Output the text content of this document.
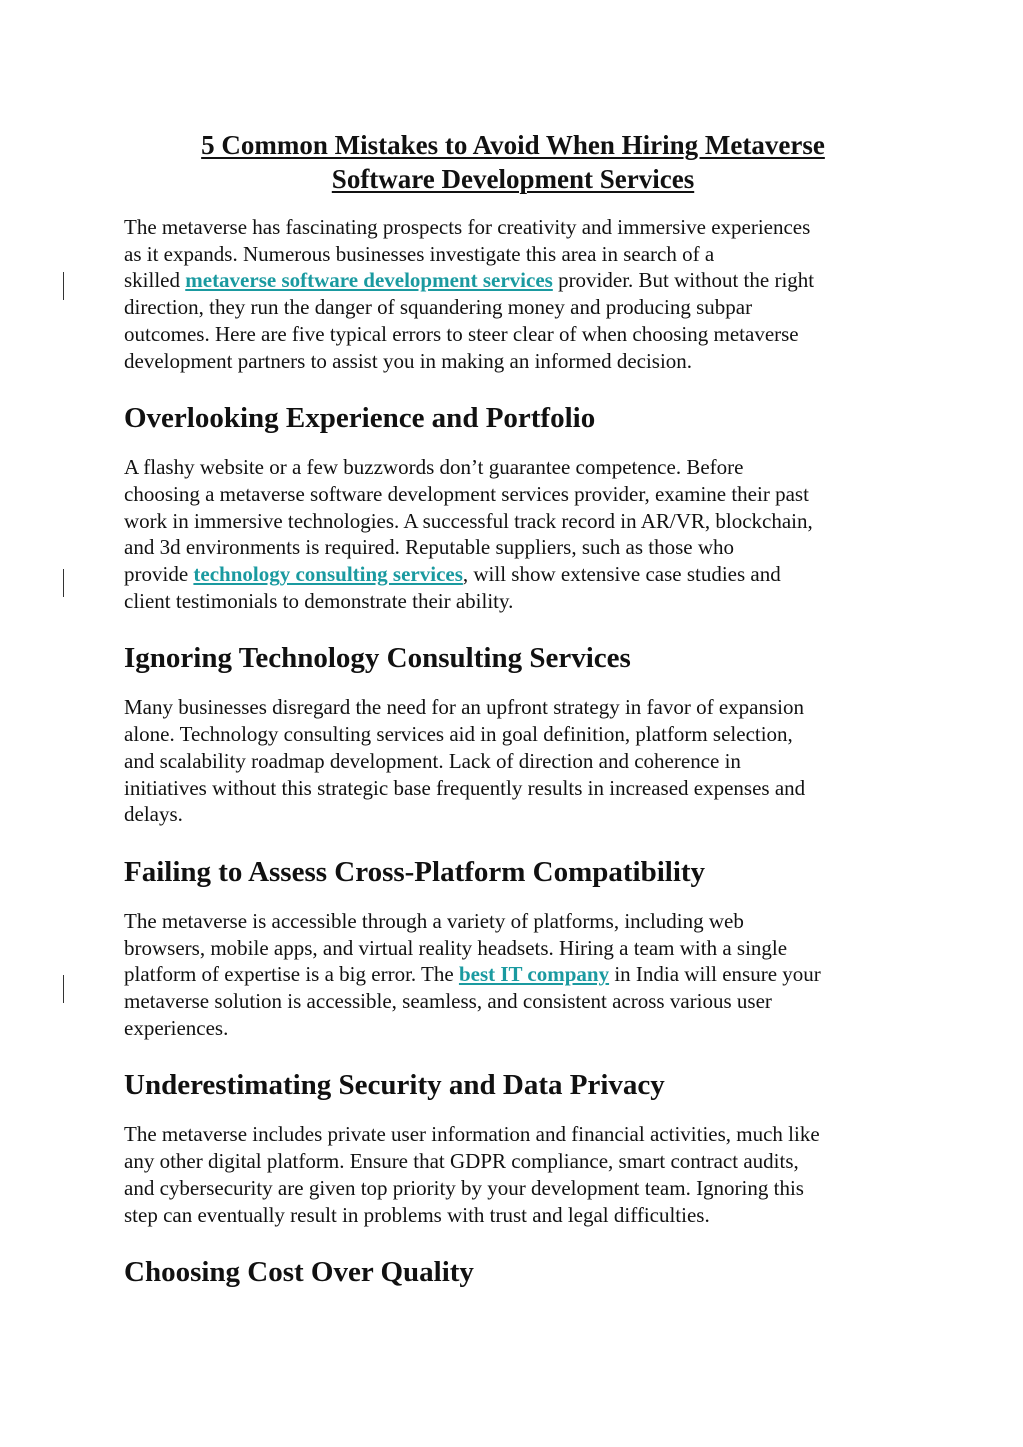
5 Common Mistakes to Avoid When Hiring Metaverse
Software Development Services

The metaverse has fascinating prospects for creativity and immersive experiences
as it expands. Numerous businesses investigate this area in search of a
skilled metaverse software development services provider. But without the right
direction, they run the danger of squandering money and producing subpar
outcomes. Here are five typical errors to steer clear of when choosing metaverse
development partners to assist you in making an informed decision.

Overlooking Experience and Portfolio

A flashy website or a few buzzwords don’t guarantee competence. Before
choosing a metaverse software development services provider, examine their past
work in immersive technologies. A successful track record in AR/VR, blockchain,
and 3d environments is required. Reputable suppliers, such as those who
provide technology consulting services, will show extensive case studies and
client testimonials to demonstrate their ability.

Ignoring Technology Consulting Services

Many businesses disregard the need for an upfront strategy in favor of expansion
alone. Technology consulting services aid in goal definition, platform selection,
and scalability roadmap development. Lack of direction and coherence in
initiatives without this strategic base frequently results in increased expenses and
delays.

Failing to Assess Cross-Platform Compatibility

The metaverse is accessible through a variety of platforms, including web
browsers, mobile apps, and virtual reality headsets. Hiring a team with a single
platform of expertise is a big error. The best IT company in India will ensure your
metaverse solution is accessible, seamless, and consistent across various user
experiences.

Underestimating Security and Data Privacy

The metaverse includes private user information and financial activities, much like
any other digital platform. Ensure that GDPR compliance, smart contract audits,
and cybersecurity are given top priority by your development team. Ignoring this
step can eventually result in problems with trust and legal difficulties.

Choosing Cost Over Quality
